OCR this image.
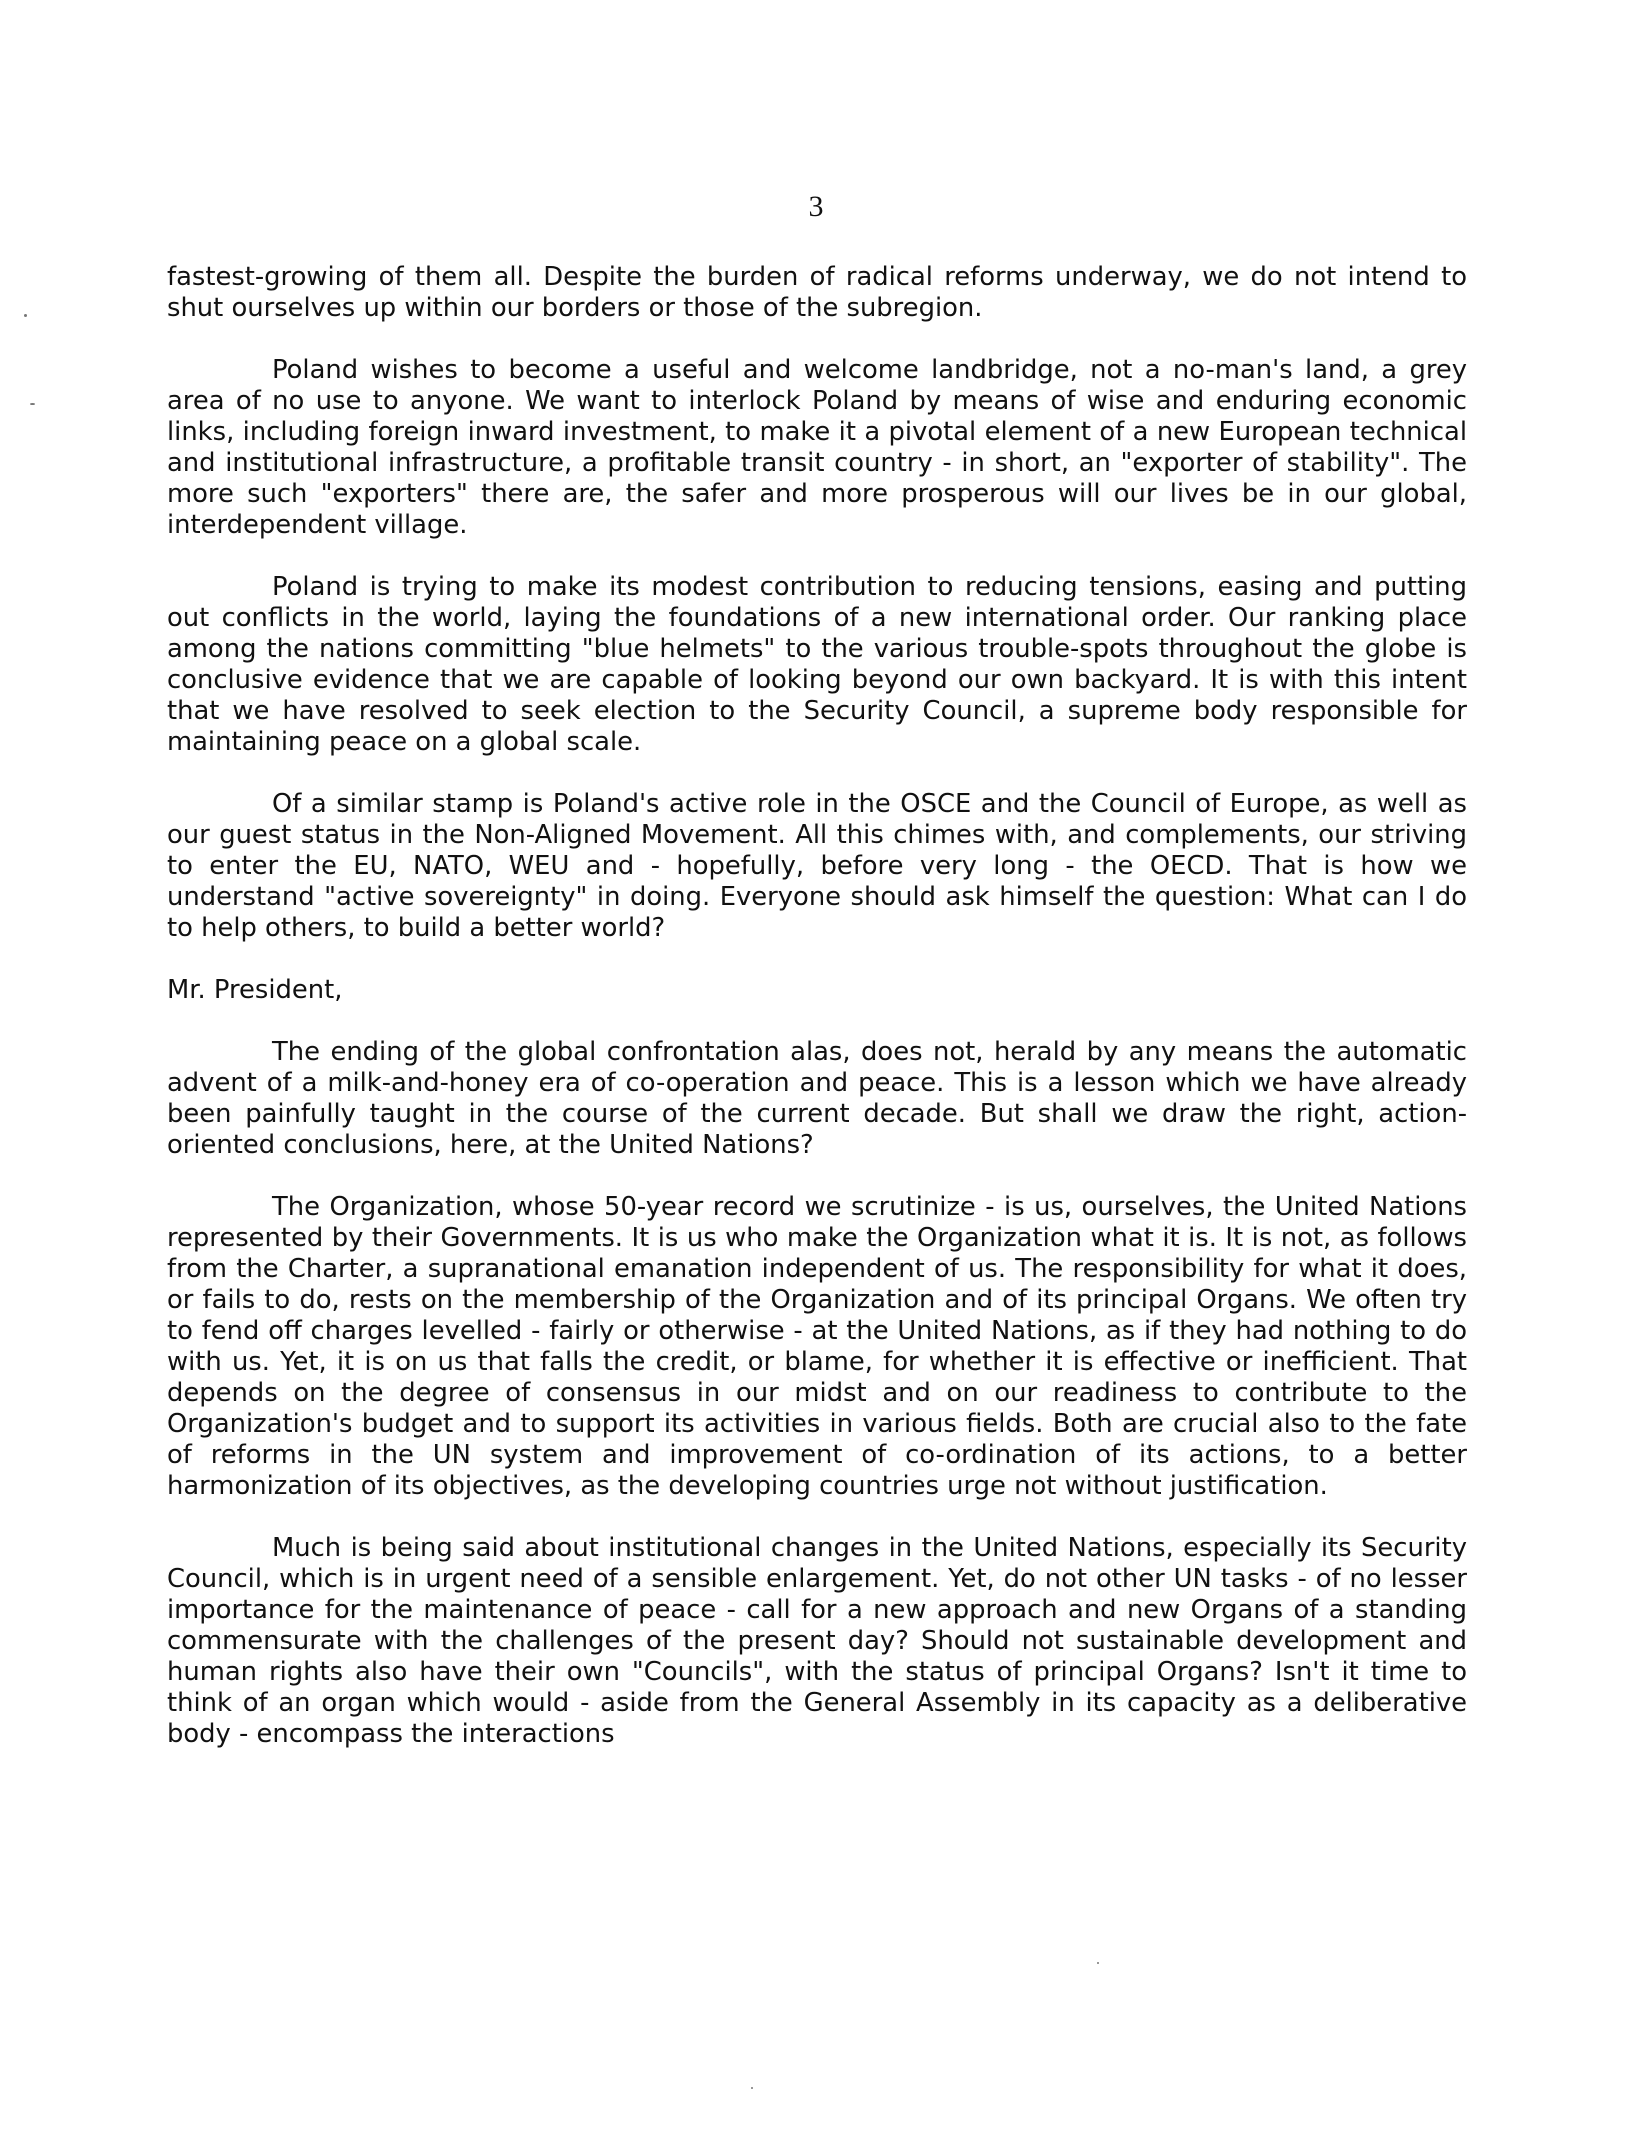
3

fastest-growing of them all. Despite the burden of radical reforms underway, we do not intend to shut ourselves up within our borders or those of the subregion.

Poland wishes to become a useful and welcome landbridge, not a no-man's land, a grey area of no use to anyone. We want to interlock Poland by means of wise and enduring economic links, including foreign inward investment, to make it a pivotal element of a new European technical and institutional infrastructure, a profitable transit country - in short, an "exporter of stability". The more such "exporters" there are, the safer and more prosperous will our lives be in our global, interdependent village.

Poland is trying to make its modest contribution to reducing tensions, easing and putting out conflicts in the world, laying the foundations of a new international order. Our ranking place among the nations committing "blue helmets" to the various trouble-spots throughout the globe is conclusive evidence that we are capable of looking beyond our own backyard. It is with this intent that we have resolved to seek election to the Security Council, a supreme body responsible for maintaining peace on a global scale.

Of a similar stamp is Poland's active role in the OSCE and the Council of Europe, as well as our guest status in the Non-Aligned Movement. All this chimes with, and complements, our striving to enter the EU, NATO, WEU and - hopefully, before very long - the OECD. That is how we understand "active sovereignty" in doing. Everyone should ask himself the question: What can I do to help others, to build a better world?

Mr. President,

The ending of the global confrontation alas, does not, herald by any means the automatic advent of a milk-and-honey era of co-operation and peace. This is a lesson which we have already been painfully taught in the course of the current decade. But shall we draw the right, action-oriented conclusions, here, at the United Nations?

The Organization, whose 50-year record we scrutinize - is us, ourselves, the United Nations represented by their Governments. It is us who make the Organization what it is. It is not, as follows from the Charter, a supranational emanation independent of us. The responsibility for what it does, or fails to do, rests on the membership of the Organization and of its principal Organs. We often try to fend off charges levelled - fairly or otherwise - at the United Nations, as if they had nothing to do with us. Yet, it is on us that falls the credit, or blame, for whether it is effective or inefficient. That depends on the degree of consensus in our midst and on our readiness to contribute to the Organization's budget and to support its activities in various fields. Both are crucial also to the fate of reforms in the UN system and improvement of co-ordination of its actions, to a better harmonization of its objectives, as the developing countries urge not without justification.

Much is being said about institutional changes in the United Nations, especially its Security Council, which is in urgent need of a sensible enlargement. Yet, do not other UN tasks - of no lesser importance for the maintenance of peace - call for a new approach and new Organs of a standing commensurate with the challenges of the present day? Should not sustainable development and human rights also have their own "Councils", with the status of principal Organs? Isn't it time to think of an organ which would - aside from the General Assembly in its capacity as a deliberative body - encompass the interactions
